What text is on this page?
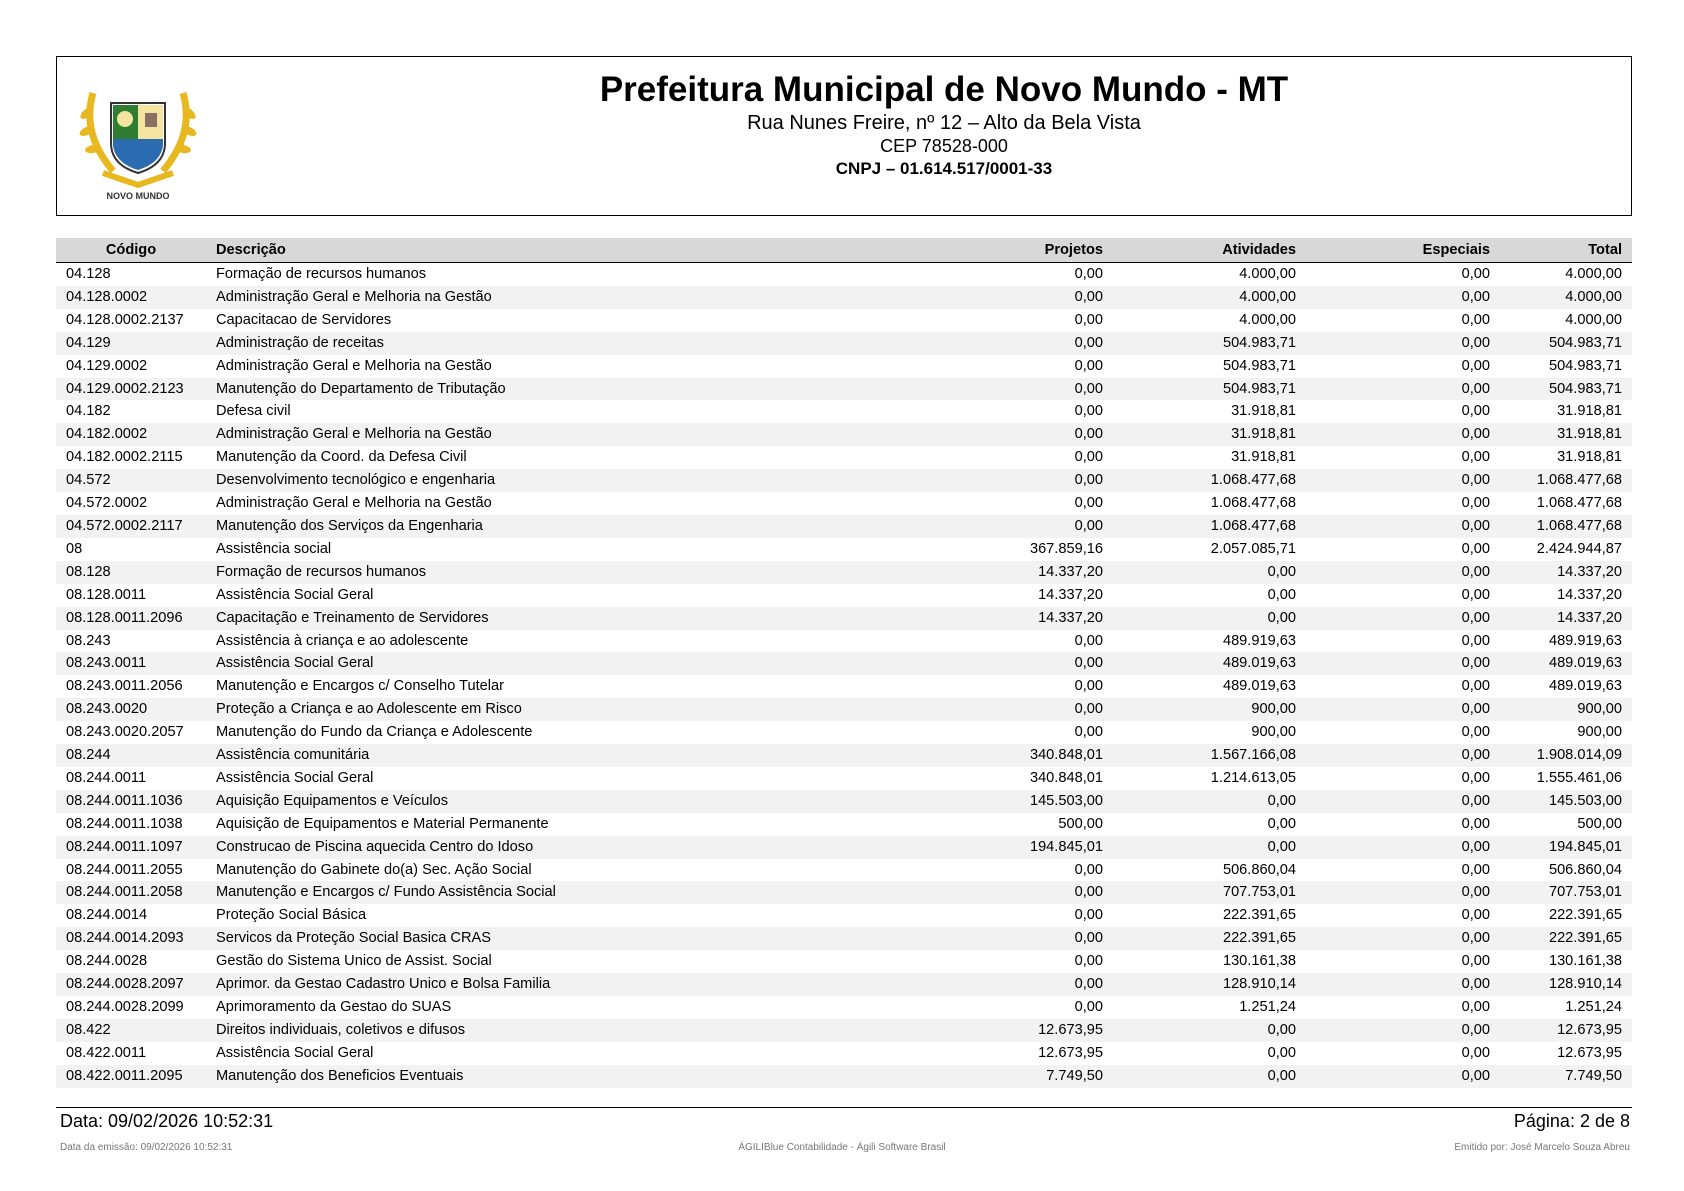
NOVO MUNDO
Prefeitura Municipal de Novo Mundo - MT
Rua Nunes Freire, nº 12 – Alto da Bela Vista
CEP 78528-000
CNPJ – 01.614.517/0001-33
Código	Descrição	Projetos	Atividades	Especiais	Total
04.128	Formação de recursos humanos	0,00	4.000,00	0,00	4.000,00
04.128.0002	Administração Geral e Melhoria na Gestão	0,00	4.000,00	0,00	4.000,00
04.128.0002.2137	Capacitacao de Servidores	0,00	4.000,00	0,00	4.000,00
04.129	Administração de receitas	0,00	504.983,71	0,00	504.983,71
04.129.0002	Administração Geral e Melhoria na Gestão	0,00	504.983,71	0,00	504.983,71
04.129.0002.2123	Manutenção do Departamento de Tributação	0,00	504.983,71	0,00	504.983,71
04.182	Defesa civil	0,00	31.918,81	0,00	31.918,81
04.182.0002	Administração Geral e Melhoria na Gestão	0,00	31.918,81	0,00	31.918,81
04.182.0002.2115	Manutenção da Coord. da Defesa Civil	0,00	31.918,81	0,00	31.918,81
04.572	Desenvolvimento tecnológico e engenharia	0,00	1.068.477,68	0,00	1.068.477,68
04.572.0002	Administração Geral e Melhoria na Gestão	0,00	1.068.477,68	0,00	1.068.477,68
04.572.0002.2117	Manutenção dos Serviços da Engenharia	0,00	1.068.477,68	0,00	1.068.477,68
08	Assistência social	367.859,16	2.057.085,71	0,00	2.424.944,87
08.128	Formação de recursos humanos	14.337,20	0,00	0,00	14.337,20
08.128.0011	Assistência Social Geral	14.337,20	0,00	0,00	14.337,20
08.128.0011.2096	Capacitação e Treinamento de Servidores	14.337,20	0,00	0,00	14.337,20
08.243	Assistência à criança e ao adolescente	0,00	489.919,63	0,00	489.919,63
08.243.0011	Assistência Social Geral	0,00	489.019,63	0,00	489.019,63
08.243.0011.2056	Manutenção e Encargos c/ Conselho Tutelar	0,00	489.019,63	0,00	489.019,63
08.243.0020	Proteção a Criança e ao Adolescente em Risco	0,00	900,00	0,00	900,00
08.243.0020.2057	Manutenção do Fundo da Criança e Adolescente	0,00	900,00	0,00	900,00
08.244	Assistência comunitária	340.848,01	1.567.166,08	0,00	1.908.014,09
08.244.0011	Assistência Social Geral	340.848,01	1.214.613,05	0,00	1.555.461,06
08.244.0011.1036	Aquisição Equipamentos e Veículos	145.503,00	0,00	0,00	145.503,00
08.244.0011.1038	Aquisição de Equipamentos e Material Permanente	500,00	0,00	0,00	500,00
08.244.0011.1097	Construcao de Piscina aquecida Centro do Idoso	194.845,01	0,00	0,00	194.845,01
08.244.0011.2055	Manutenção do Gabinete do(a) Sec. Ação Social	0,00	506.860,04	0,00	506.860,04
08.244.0011.2058	Manutenção e Encargos c/ Fundo Assistência Social	0,00	707.753,01	0,00	707.753,01
08.244.0014	Proteção Social Básica	0,00	222.391,65	0,00	222.391,65
08.244.0014.2093	Servicos da Proteção Social Basica CRAS	0,00	222.391,65	0,00	222.391,65
08.244.0028	Gestão do Sistema Unico de Assist. Social	0,00	130.161,38	0,00	130.161,38
08.244.0028.2097	Aprimor. da Gestao Cadastro Unico e Bolsa Familia	0,00	128.910,14	0,00	128.910,14
08.244.0028.2099	Aprimoramento da Gestao do SUAS	0,00	1.251,24	0,00	1.251,24
08.422	Direitos individuais, coletivos e difusos	12.673,95	0,00	0,00	12.673,95
08.422.0011	Assistência Social Geral	12.673,95	0,00	0,00	12.673,95
08.422.0011.2095	Manutenção dos Beneficios Eventuais	7.749,50	0,00	0,00	7.749,50
Data: 09/02/2026 10:52:31	Página: 2 de 8
Data da emissão: 09/02/2026 10:52:31	ÁGILIBlue Contabilidade - Ágili Software Brasil	Emitido por: José Marcelo Souza Abreu
